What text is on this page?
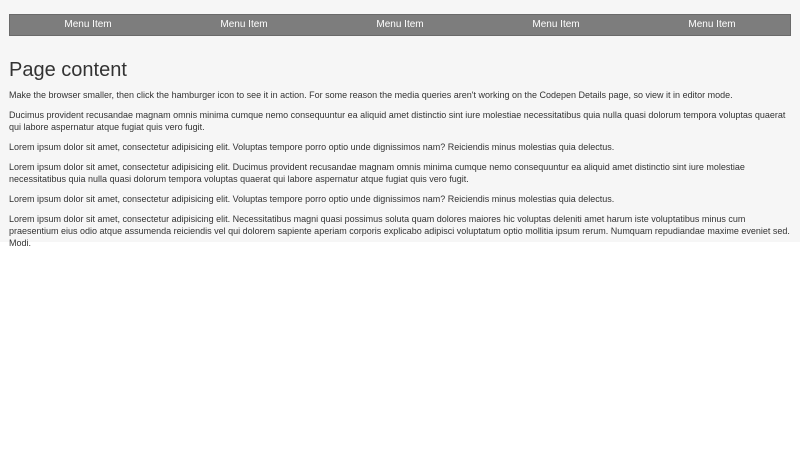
Menu Item	Menu Item	Menu Item	Menu Item	Menu Item
Page content

Make the browser smaller, then click the hamburger icon to see it in action. For some reason the media queries aren't working on the Codepen Details page, so view it in editor mode.

Ducimus provident recusandae magnam omnis minima cumque nemo consequuntur ea aliquid amet distinctio sint iure molestiae necessitatibus quia nulla quasi dolorum tempora voluptas quaerat qui labore aspernatur atque fugiat quis vero fugit.

Lorem ipsum dolor sit amet, consectetur adipisicing elit. Voluptas tempore porro optio unde dignissimos nam? Reiciendis minus molestias quia delectus.

Lorem ipsum dolor sit amet, consectetur adipisicing elit. Ducimus provident recusandae magnam omnis minima cumque nemo consequuntur ea aliquid amet distinctio sint iure molestiae necessitatibus quia nulla quasi dolorum tempora voluptas quaerat qui labore aspernatur atque fugiat quis vero fugit.

Lorem ipsum dolor sit amet, consectetur adipisicing elit. Voluptas tempore porro optio unde dignissimos nam? Reiciendis minus molestias quia delectus.

Lorem ipsum dolor sit amet, consectetur adipisicing elit. Necessitatibus magni quasi possimus soluta quam dolores maiores hic voluptas deleniti amet harum iste voluptatibus minus cum praesentium eius odio atque assumenda reiciendis vel qui dolorem sapiente aperiam corporis explicabo adipisci voluptatum optio mollitia ipsum rerum. Numquam repudiandae maxime eveniet sed. Modi.
